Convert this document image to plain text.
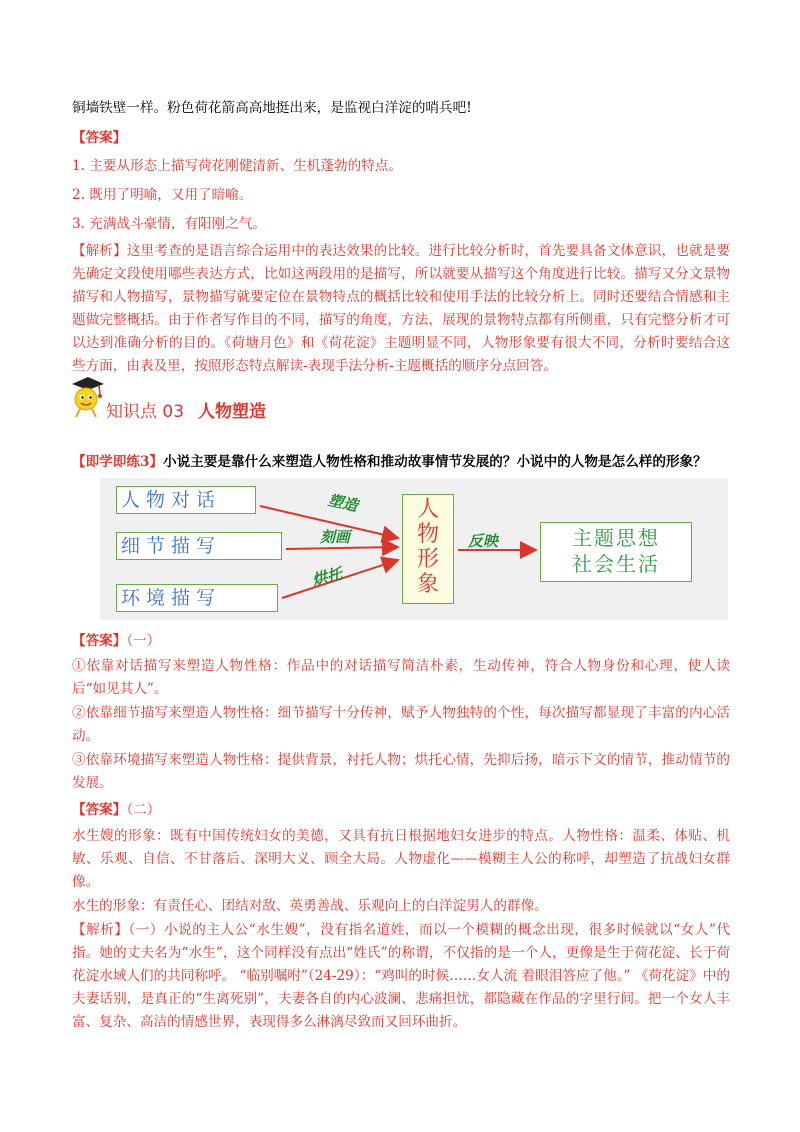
铜墙铁壁一样。粉色荷花箭高高地挺出来，是监视白洋淀的哨兵吧!
【答案】
1. 主要从形态上描写荷花刚健清新、生机蓬勃的特点。
2. 既用了明喻，又用了暗喻。
3. 充满战斗豪情，有阳刚之气。
【解析】这里考查的是语言综合运用中的表达效果的比较。进行比较分析时，首先要具备文体意识，也就是要先确定文段使用哪些表达方式，比如这两段用的是描写，所以就要从描写这个角度进行比较。描写又分文景物描写和人物描写，景物描写就要定位在景物特点的概括比较和使用手法的比较分析上。同时还要结合情感和主题做完整概括。由于作者写作目的不同，描写的角度，方法，展现的景物特点都有所侧重，只有完整分析才可以达到准确分析的目的。《荷塘月色》和《荷花淀》主题明显不同，人物形象要有很大不同，分析时要结合这些方面，由表及里，按照形态特点解读-表现手法分析-主题概括的顺序分点回答。
知识点 03 人物塑造
【即学即练3】小说主要是靠什么来塑造人物性格和推动故事情节发展的？小说中的人物是怎么样的形象？
人物对话
细节描写
环境描写
塑造
刻画
烘托
人
物
形
象
反映	主题思想
社会生活
【答案】（一）
①依靠对话描写来塑造人物性格：作品中的对话描写简洁朴素，生动传神，符合人物身份和心理，使人读后“如见其人”。
②依靠细节描写来塑造人物性格：细节描写十分传神，赋予人物独特的个性，每次描写都显现了丰富的内心活动。
③依靠环境描写来塑造人物性格：提供背景，衬托人物；烘托心情，先抑后扬，暗示下文的情节，推动情节的发展。
【答案】（二）
水生嫂的形象：既有中国传统妇女的美德，又具有抗日根据地妇女进步的特点。人物性格：温柔、体贴、机敏、乐观、自信、不甘落后、深明大义、顾全大局。人物虚化——模糊主人公的称呼，却塑造了抗战妇女群像。
水生的形象：有责任心、团结对敌、英勇善战、乐观向上的白洋淀男人的群像。
【解析】（一）小说的主人公“水生嫂”，没有指名道姓，而以一个模糊的概念出现，很多时候就以“女人”代指。她的丈夫名为“水生”，这个同样没有点出“姓氏”的称谓，不仅指的是一个人，更像是生于荷花淀、长于荷花淀水域人们的共同称呼。 “临别嘱咐”（24-29）：“鸡叫的时候……女人流 着眼泪答应了他。” 《荷花淀》中的夫妻话别，是真正的“生离死别”，夫妻各自的内心波澜、悲痛担忧，都隐藏在作品的字里行间。把一个女人丰富、复杂、高洁的情感世界，表现得多么淋漓尽致而又回环曲折。
